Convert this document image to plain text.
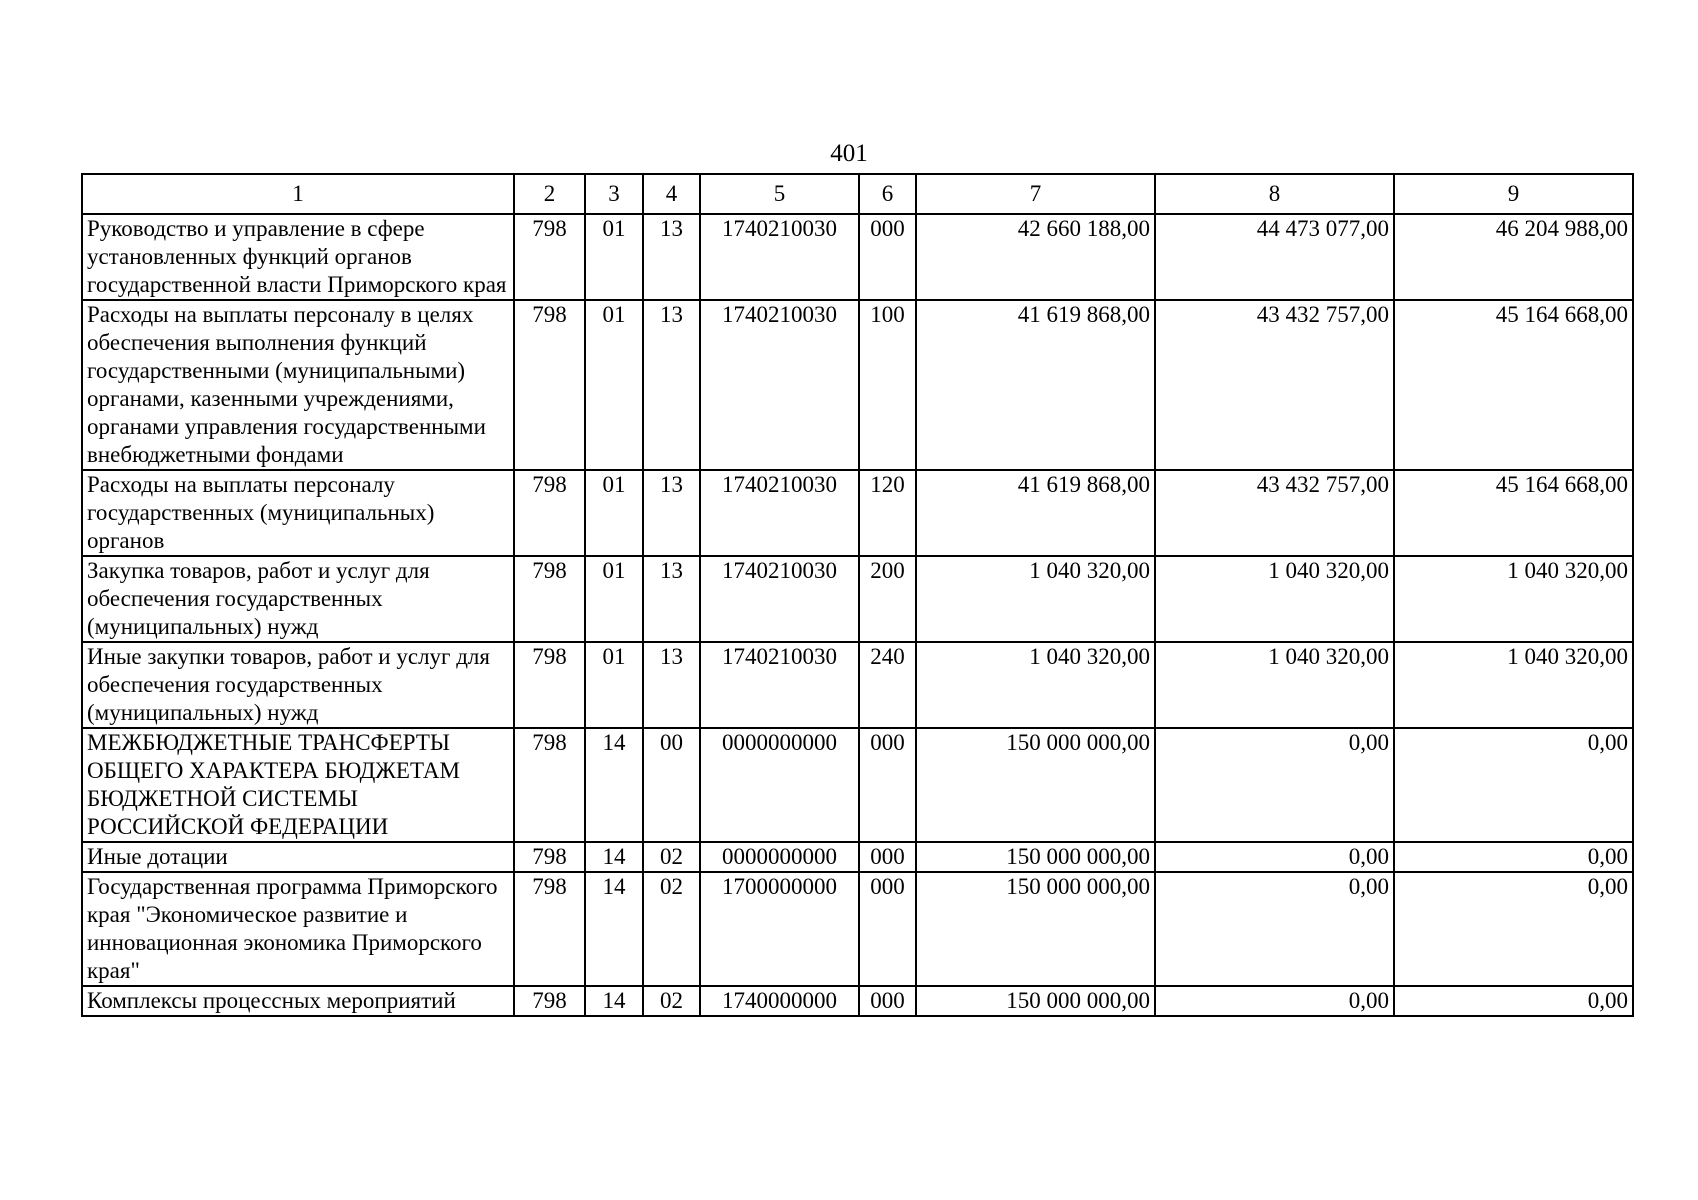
401
1	2	3	4	5	6	7	8	9
Руководство и управление в сфере установленных функций органов государственной власти Приморского края	798	01	13	1740210030	000	42 660 188,00	44 473 077,00	46 204 988,00
Расходы на выплаты персоналу в целях обеспечения выполнения функций государственными (муниципальными) органами, казенными учреждениями, органами управления государственными внебюджетными фондами	798	01	13	1740210030	100	41 619 868,00	43 432 757,00	45 164 668,00
Расходы на выплаты персоналу государственных (муниципальных) органов	798	01	13	1740210030	120	41 619 868,00	43 432 757,00	45 164 668,00
Закупка товаров, работ и услуг для обеспечения государственных (муниципальных) нужд	798	01	13	1740210030	200	1 040 320,00	1 040 320,00	1 040 320,00
Иные закупки товаров, работ и услуг для обеспечения государственных (муниципальных) нужд	798	01	13	1740210030	240	1 040 320,00	1 040 320,00	1 040 320,00
МЕЖБЮДЖЕТНЫЕ ТРАНСФЕРТЫ ОБЩЕГО ХАРАКТЕРА БЮДЖЕТАМ БЮДЖЕТНОЙ СИСТЕМЫ РОССИЙСКОЙ ФЕДЕРАЦИИ	798	14	00	0000000000	000	150 000 000,00	0,00	0,00
Иные дотации	798	14	02	0000000000	000	150 000 000,00	0,00	0,00
Государственная программа Приморского края "Экономическое развитие и инновационная экономика Приморского края"	798	14	02	1700000000	000	150 000 000,00	0,00	0,00
Комплексы процессных мероприятий	798	14	02	1740000000	000	150 000 000,00	0,00	0,00
